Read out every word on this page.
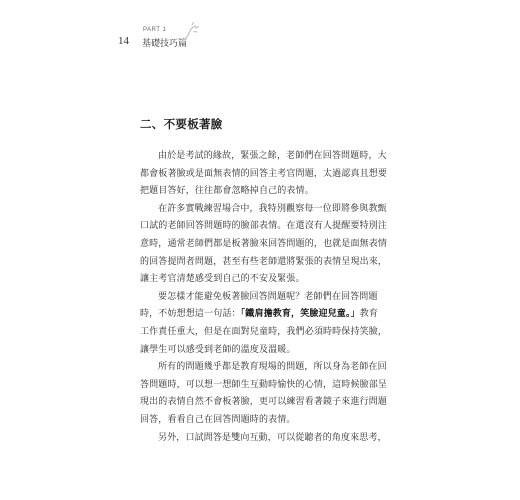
14
PART 1
基礎技巧篇
二、不要板著臉

由於是考試的緣故，緊張之餘，老師們在回答問題時，大
都會板著臉或是面無表情的回答主考官問題，太過認真且想要
把題目答好，往往都會忽略掉自己的表情。

在許多實戰練習場合中，我特別觀察每一位即將參與教甄
口試的老師回答問題時的臉部表情。在還沒有人提醒要特別注
意時，通常老師們都是板著臉來回答問題的，也就是面無表情
的回答提問者問題，甚至有些老師還將緊張的表情呈現出來，
讓主考官清楚感受到自己的不安及緊張。

要怎樣才能避免板著臉回答問題呢？老師們在回答問題
時，不妨想想這一句話：「鐵肩擔教育，笑臉迎兒童。」教育
工作責任重大，但是在面對兒童時，我們必須時時保持笑臉，
讓學生可以感受到老師的溫度及溫暖。

所有的問題幾乎都是教育現場的問題，所以身為老師在回
答問題時，可以想一想師生互動時愉快的心情，這時候臉部呈
現出的表情自然不會板著臉，更可以練習看著鏡子來進行問題
回答，看看自己在回答問題時的表情。

另外，口試問答是雙向互動，可以從聽者的角度來思考，
